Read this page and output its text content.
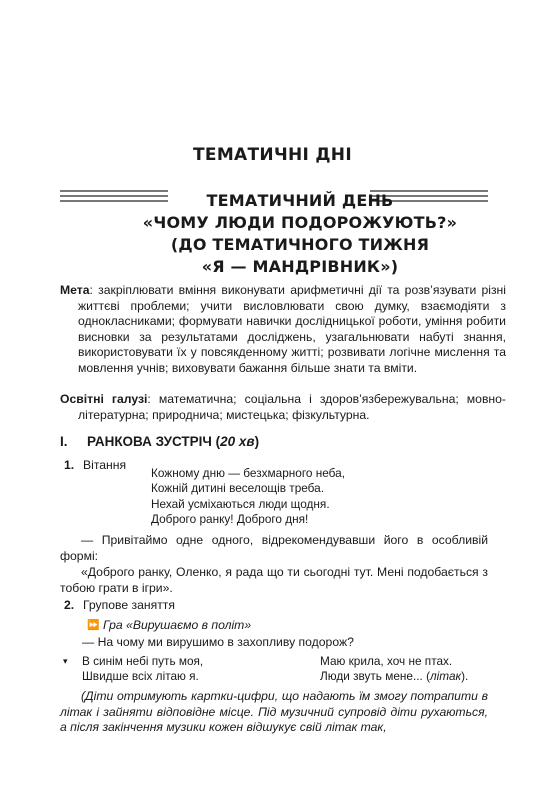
ТЕМАТИЧНІ ДНІ
ТЕМАТИЧНИЙ ДЕНЬ
«ЧОМУ ЛЮДИ ПОДОРОЖУЮТЬ?»
(ДО ТЕМАТИЧНОГО ТИЖНЯ
«Я — МАНДРІВНИК»)
Мета: закріплювати вміння виконувати арифметичні дії та розв’язувати різні життєві проблеми; учити висловлювати свою думку, взаємодіяти з однокласниками; формувати навички дослідницької роботи, уміння робити висновки за результатами досліджень, узагальнювати набуті знання, використовувати їх у повсякденному житті; розвивати логічне мислення та мовлення учнів; виховувати бажання більше знати та вміти.
Освітні галузі: математична; соціальна і здоров’язбережувальна; мовно-літературна; природнича; мистецька; фізкультурна.
I. РАНКОВА ЗУСТРІЧ (20 хв)
1. Вітання
Кожному дню — безхмарного неба,
Кожній дитині веселощів треба.
Нехай усміхаються люди щодня.
Доброго ранку! Доброго дня!
— Привітаймо одне одного, відрекомендувавши його в особливій формі:
«Доброго ранку, Оленко, я рада що ти сьогодні тут. Мені подобається з тобою грати в ігри».
2. Групове заняття
⏩ Гра «Вирушаємо в політ»
— На чому ми вирушимо в захопливу подорож?
▾ В синім небі путь моя,
Швидше всіх літаю я.
Маю крила, хоч не птах.
Люди звуть мене... (літак).
(Діти отримують картки-цифри, що надають їм змогу потрапити в літак і зайняти відповідне місце. Під музичний супровід діти рухаються, а після закінчення музики кожен відшукує свій літак так,
